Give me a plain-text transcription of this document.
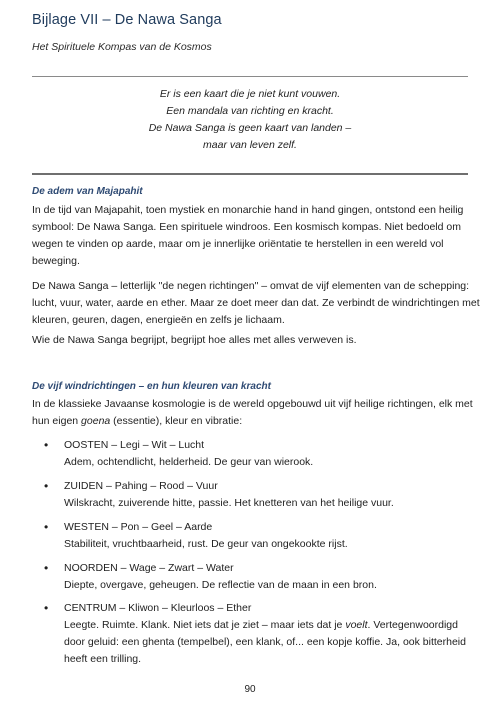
Bijlage VII – De Nawa Sanga
Het Spirituele Kompas van de Kosmos
Er is een kaart die je niet kunt vouwen.
Een mandala van richting en kracht.
De Nawa Sanga is geen kaart van landen –
maar van leven zelf.
De adem van Majapahit
In de tijd van Majapahit, toen mystiek en monarchie hand in hand gingen, ontstond een heilig
symbool: De Nawa Sanga. Een spirituele windroos. Een kosmisch kompas. Niet bedoeld om
wegen te vinden op aarde, maar om je innerlijke oriëntatie te herstellen in een wereld vol
beweging.
De Nawa Sanga – letterlijk "de negen richtingen" – omvat de vijf elementen van de schepping:
lucht, vuur, water, aarde en ether. Maar ze doet meer dan dat. Ze verbindt de windrichtingen met
kleuren, geuren, dagen, energieën en zelfs je lichaam.
Wie de Nawa Sanga begrijpt, begrijpt hoe alles met alles verweven is.
De vijf windrichtingen – en hun kleuren van kracht
In de klassieke Javaanse kosmologie is de wereld opgebouwd uit vijf heilige richtingen, elk met
hun eigen goena (essentie), kleur en vibratie:
• OOSTEN – Legi – Wit – Lucht
Adem, ochtendlicht, helderheid. De geur van wierook.
• ZUIDEN – Pahing – Rood – Vuur
Wilskracht, zuiverende hitte, passie. Het knetteren van het heilige vuur.
• WESTEN – Pon – Geel – Aarde
Stabiliteit, vruchtbaarheid, rust. De geur van ongekookte rijst.
• NOORDEN – Wage – Zwart – Water
Diepte, overgave, geheugen. De reflectie van de maan in een bron.
• CENTRUM – Kliwon – Kleurloos – Ether
Leegte. Ruimte. Klank. Niet iets dat je ziet – maar iets dat je voelt. Vertegenwoordigd
door geluid: een ghenta (tempelbel), een klank, of... een kopje koffie. Ja, ook bitterheid
heeft een trilling.
90
